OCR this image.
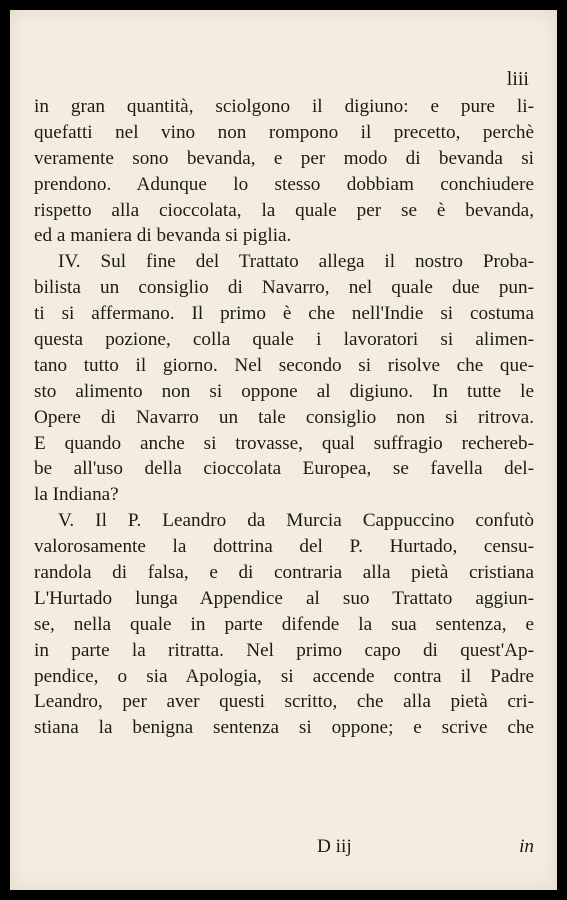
liii
in gran quantità, sciolgono il digiuno: e pure li-
quefatti nel vino non rompono il precetto, perchè
veramente sono bevanda, e per modo di bevanda si
prendono. Adunque lo stesso dobbiam conchiudere
rispetto alla cioccolata, la quale per se è bevanda,
ed a maniera di bevanda si piglia.
IV. Sul fine del Trattato allega il nostro Proba-
bilista un consiglio di Navarro, nel quale due pun-
ti si affermano. Il primo è che nell'Indie si costuma
questa pozione, colla quale i lavoratori si alimen-
tano tutto il giorno. Nel secondo si risolve che que-
sto alimento non si oppone al digiuno. In tutte le
Opere di Navarro un tale consiglio non si ritrova.
E quando anche si trovasse, qual suffragio rechereb-
be all'uso della cioccolata Europea, se favella del-
la Indiana?
V. Il P. Leandro da Murcia Cappuccino confutò
valorosamente la dottrina del P. Hurtado, censu-
randola di falsa, e di contraria alla pietà cristiana
L'Hurtado lunga Appendice al suo Trattato aggiun-
se, nella quale in parte difende la sua sentenza, e
in parte la ritratta. Nel primo capo di quest'Ap-
pendice, o sia Apologia, si accende contra il Padre
Leandro, per aver questi scritto, che alla pietà cri-
stiana la benigna sentenza si oppone; e scrive che
D iij	in
